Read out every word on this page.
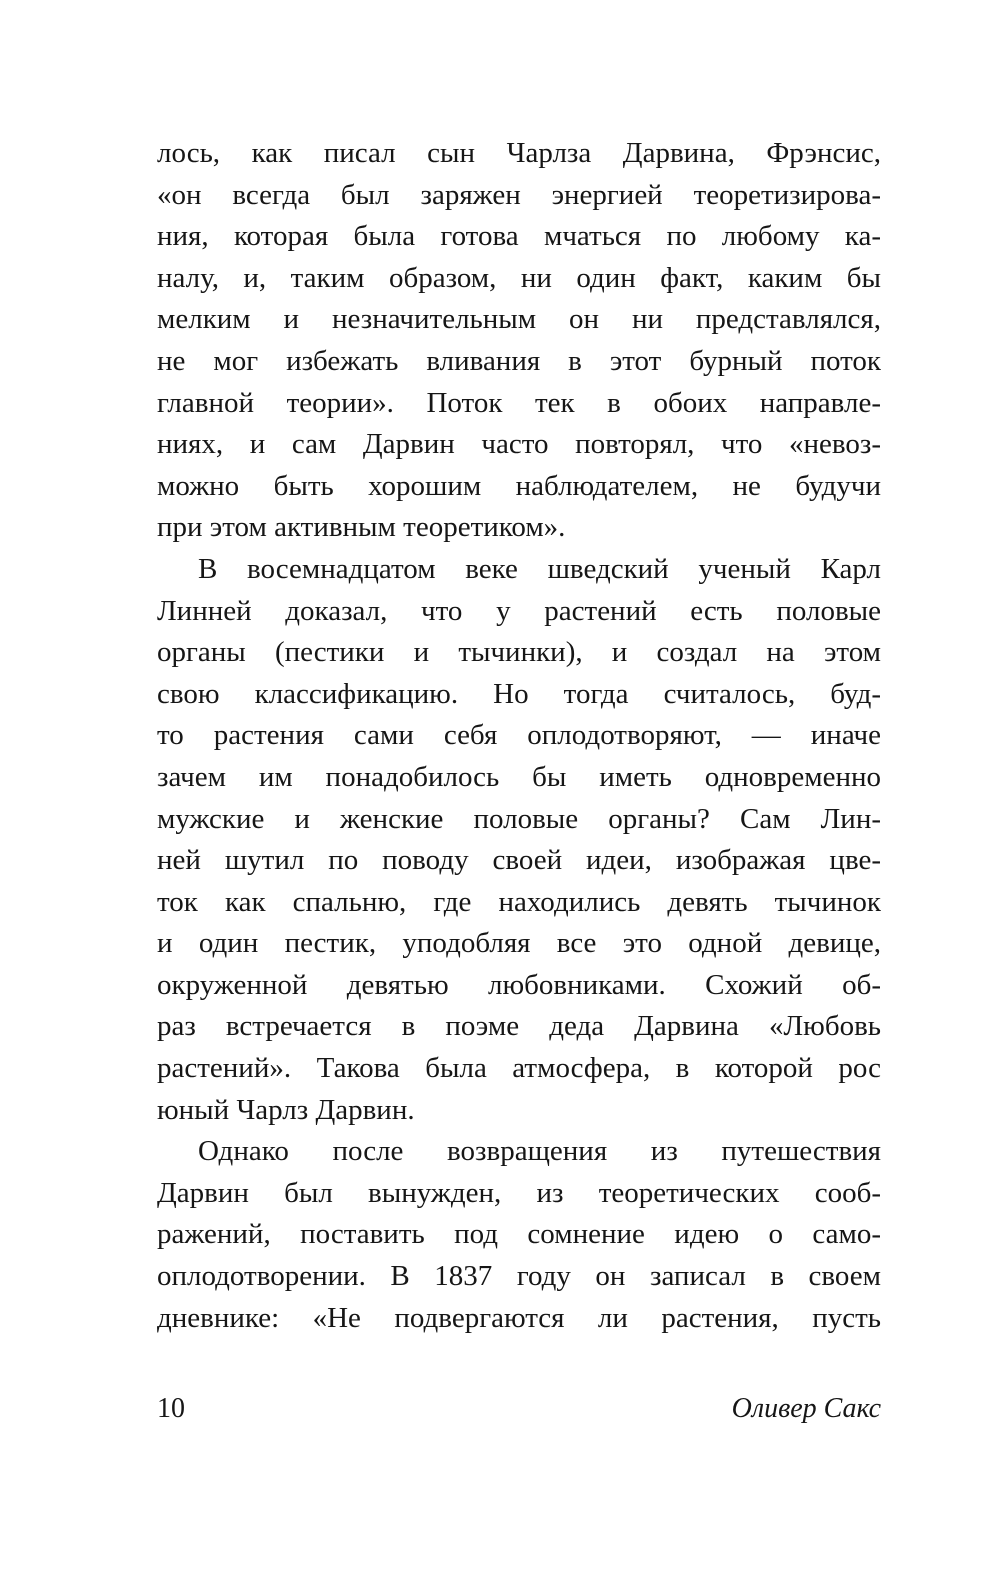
лось, как писал сын Чарлза Дарвина, Фрэнсис,
«он всегда был заряжен энергией теоретизирова-
ния, которая была готова мчаться по любому ка-
налу, и, таким образом, ни один факт, каким бы
мелким и незначительным он ни представлялся,
не мог избежать вливания в этот бурный поток
главной теории». Поток тек в обоих направле-
ниях, и сам Дарвин часто повторял, что «невоз-
можно быть хорошим наблюдателем, не будучи
при этом активным теоретиком».
В восемнадцатом веке шведский ученый Карл
Линней доказал, что у растений есть половые
органы (пестики и тычинки), и создал на этом
свою классификацию. Но тогда считалось, буд-
то растения сами себя оплодотворяют, — иначе
зачем им понадобилось бы иметь одновременно
мужские и женские половые органы? Сам Лин-
ней шутил по поводу своей идеи, изображая цве-
ток как спальню, где находились девять тычинок
и один пестик, уподобляя все это одной девице,
окруженной девятью любовниками. Схожий об-
раз встречается в поэме деда Дарвина «Любовь
растений». Такова была атмосфера, в которой рос
юный Чарлз Дарвин.
Однако после возвращения из путешествия
Дарвин был вынужден, из теоретических сооб-
ражений, поставить под сомнение идею о само-
оплодотворении. В 1837 году он записал в своем
дневнике: «Не подвергаются ли растения, пусть
10	Оливер Сакс
